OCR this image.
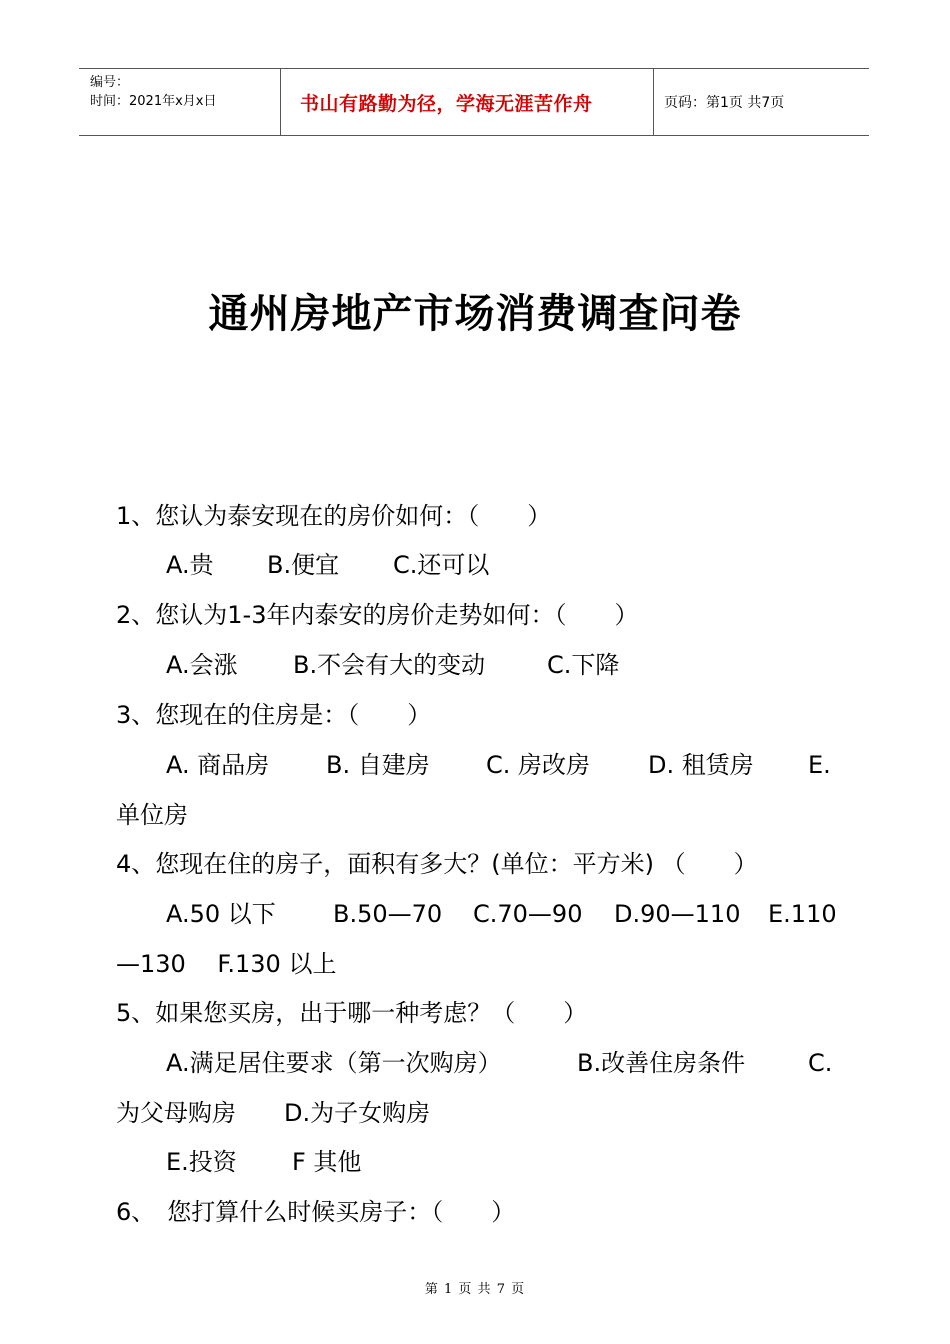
编号：
时间：2021年x月x日	书山有路勤为径，学海无涯苦作舟	页码：第1页 共7页
通州房地产市场消费调查问卷
1、您认为泰安现在的房价如何：（　　）
A.贵 B.便宜 C.还可以
2、您认为1-3年内泰安的房价走势如何：（　　）
A.会涨 B.不会有大的变动	C.下降
3、您现在的住房是：（　　）
A. 商品房 B. 自建房 C. 房改房 D. 租赁房 E.
单位房
4、您现在住的房子，面积有多大？(单位：平方米) （　　）
A.50 以下 B.50—70 C.70—90 D.90—110 E.110
—130　 F.130 以上
5、如果您买房，出于哪一种考虑？（　　）
A.满足居住要求（第一次购房）	B.改善住房条件	C.
为父母购房　　D.为子女购房
E.投资 F 其他
6、　您打算什么时候买房子：（　　）
第 1 页 共 7 页
